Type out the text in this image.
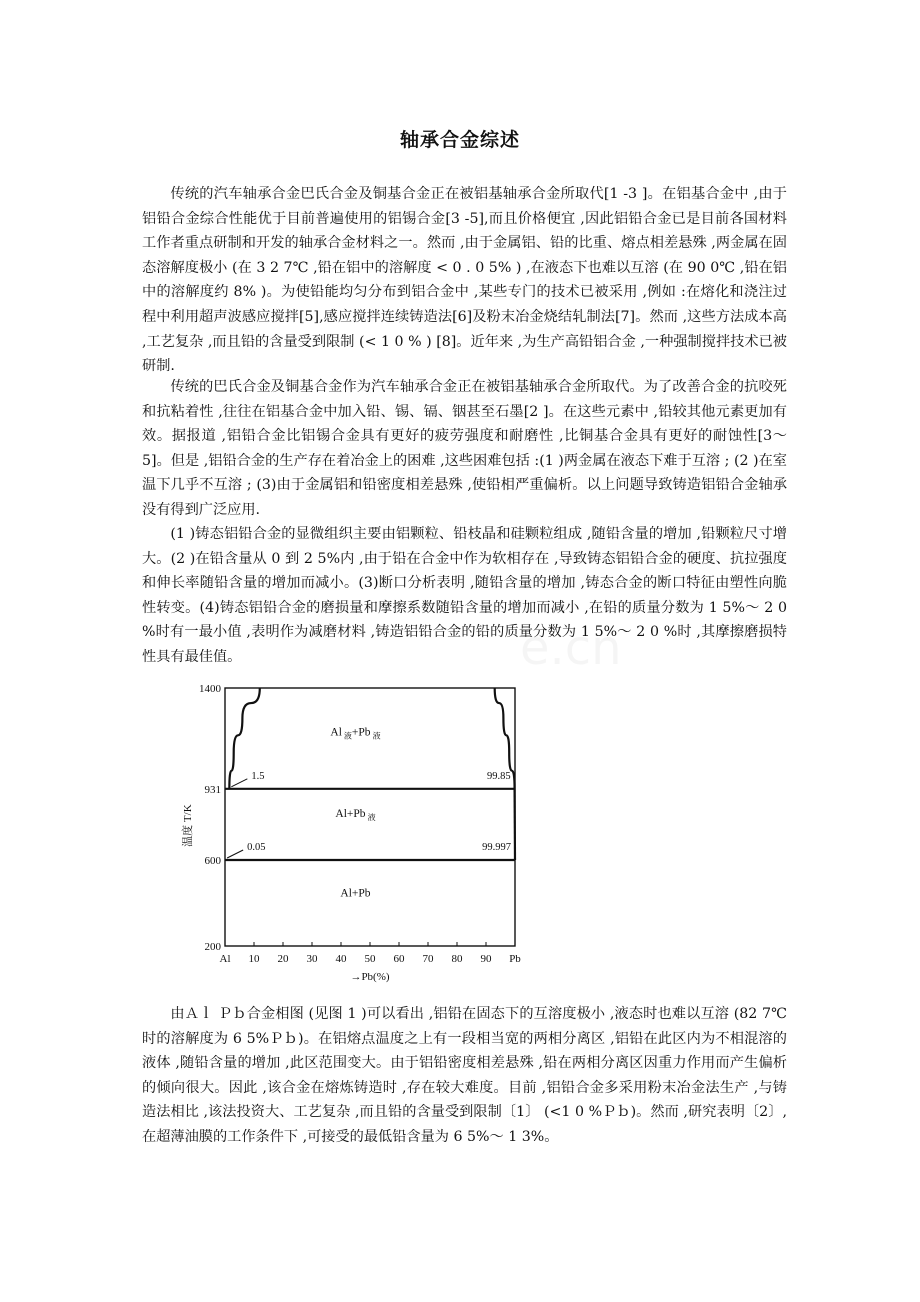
轴承合金综述

传统的汽车轴承合金巴氏合金及铜基合金正在被铝基轴承合金所取代[1 -3 ]。在铝基合金中 ,由于铝铅合金综合性能优于目前普遍使用的铝锡合金[3 -5],而且价格便宜 ,因此铝铅合金已是目前各国材料工作者重点研制和开发的轴承合金材料之一。然而 ,由于金属铝、铅的比重、熔点相差悬殊 ,两金属在固态溶解度极小 (在 3 2 7℃ ,铅在铝中的溶解度 < 0 . 0 5% ) ,在液态下也难以互溶 (在 90 0℃ ,铅在铝中的溶解度约 8% )。为使铅能均匀分布到铝合金中 ,某些专门的技术已被采用 ,例如 :在熔化和浇注过程中利用超声波感应搅拌[5],感应搅拌连续铸造法[6]及粉末冶金烧结轧制法[7]。然而 ,这些方法成本高 ,工艺复杂 ,而且铅的含量受到限制 (< 1 0 % ) [8]。近年来 ,为生产高铅铝合金 ,一种强制搅拌技术已被研制.

传统的巴氏合金及铜基合金作为汽车轴承合金正在被铝基轴承合金所取代。为了改善合金的抗咬死和抗粘着性 ,往往在铝基合金中加入铅、锡、镉、铟甚至石墨[2 ]。在这些元素中 ,铅较其他元素更加有效。据报道 ,铝铅合金比铝锡合金具有更好的疲劳强度和耐磨性 ,比铜基合金具有更好的耐蚀性[3～ 5]。但是 ,铝铅合金的生产存在着冶金上的困难 ,这些困难包括 :(1 )两金属在液态下难于互溶 ; (2 )在室温下几乎不互溶 ; (3)由于金属铝和铅密度相差悬殊 ,使铅相严重偏析。以上问题导致铸造铝铅合金轴承没有得到广泛应用.

(1 )铸态铝铅合金的显微组织主要由铝颗粒、铅枝晶和硅颗粒组成 ,随铅含量的增加 ,铅颗粒尺寸增大。(2 )在铅含量从 0 到 2 5%内 ,由于铅在合金中作为软相存在 ,导致铸态铝铅合金的硬度、抗拉强度和伸长率随铅含量的增加而减小。(3)断口分析表明 ,随铅含量的增加 ,铸态合金的断口特征由塑性向脆性转变。(4)铸态铝铅合金的磨损量和摩擦系数随铅含量的增加而减小 ,在铅的质量分数为 1 5%～ 2 0 %时有一最小值 ,表明作为减磨材料 ,铸造铝铅合金的铅的质量分数为 1 5%～ 2 0 %时 ,其摩擦磨损特性具有最佳值。

1400
931
600
200
Al 10 20 30 40 50 60 70 80 90 Pb
→Pb(%)
温度 T/K
Al $_液$+Pb $_液$
Al+Pb $_液$
Al+Pb
1.5	99.85
0.05	99.997

由Ａｌ Ｐｂ合金相图 (见图 1 )可以看出 ,铝铅在固态下的互溶度极小 ,液态时也难以互溶 (82 7℃时的溶解度为 6 5%Ｐｂ)。在铝熔点温度之上有一段相当宽的两相分离区 ,铝铅在此区内为不相混溶的液体 ,随铅含量的增加 ,此区范围变大。由于铝铅密度相差悬殊 ,铅在两相分离区因重力作用而产生偏析的倾向很大。因此 ,该合金在熔炼铸造时 ,存在较大难度。目前 ,铝铅合金多采用粉末冶金法生产 ,与铸造法相比 ,该法投资大、工艺复杂 ,而且铅的含量受到限制〔1〕 (<1 0 %Ｐｂ)。然而 ,研究表明〔2〕,在超薄油膜的工作条件下 ,可接受的最低铅含量为 6 5%～ 1 3%。
